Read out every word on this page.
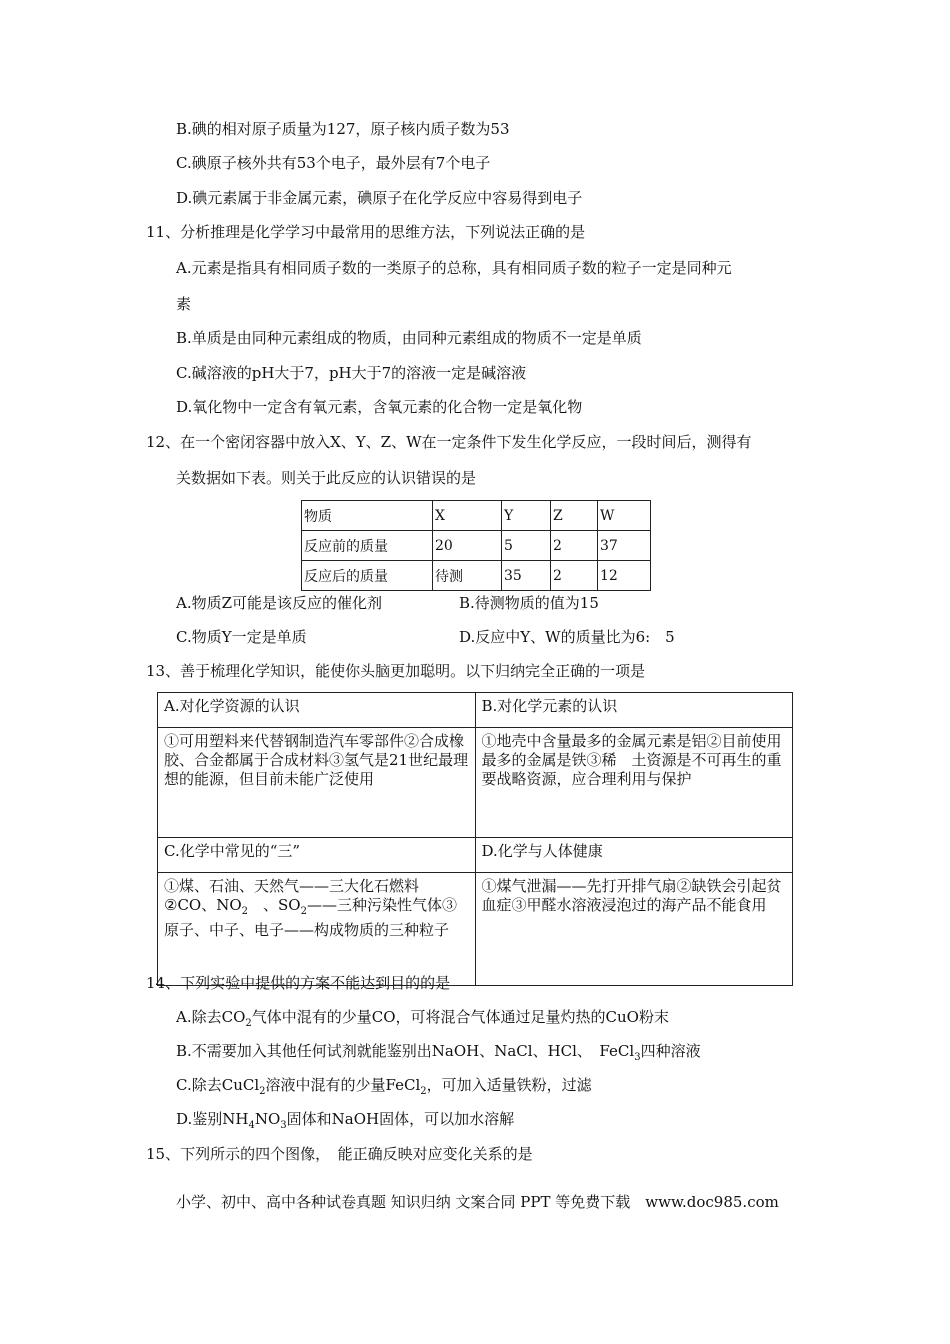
B.碘的相对原子质量为127，原子核内质子数为53
C.碘原子核外共有53个电子，最外层有7个电子
D.碘元素属于非金属元素，碘原子在化学反应中容易得到电子
11、分析推理是化学学习中最常用的思维方法，下列说法正确的是
A.元素是指具有相同质子数的一类原子的总称，具有相同质子数的粒子一定是同种元
素
B.单质是由同种元素组成的物质，由同种元素组成的物质不一定是单质
C.碱溶液的pH大于7，pH大于7的溶液一定是碱溶液
D.氧化物中一定含有氧元素，含氧元素的化合物一定是氧化物
12、在一个密闭容器中放入X、Y、Z、W在一定条件下发生化学反应，一段时间后，测得有
关数据如下表。则关于此反应的认识错误的是
物质	X	Y	Z	W
反应前的质量	20	5	2	37
反应后的质量	待测	35	2	12
A.物质Z可能是该反应的催化剂	B.待测物质的值为15
C.物质Y一定是单质	D.反应中Y、W的质量比为6:　5
13、善于梳理化学知识，能使你头脑更加聪明。以下归纳完全正确的一项是
A.对化学资源的认识	B.对化学元素的认识
①可用塑料来代替钢制造汽车零部件②合成橡胶、合金都属于合成材料③氢气是21世纪最理想的能源，但目前未能广泛使用	①地壳中含量最多的金属元素是铝②目前使用最多的金属是铁③稀　土资源是不可再生的重要战略资源，应合理利用与保护
C.化学中常见的“三”	D.化学与人体健康
①煤、石油、天然气——三大化石燃料
②CO、$NO_2$　、$SO_2——$三种污染性气体③原子、中子、电子——构成物质的三种粒子	①煤气泄漏——先打开排气扇②缺铁会引起贫血症③甲醛水溶液浸泡过的海产品不能食用
14、下列实验中提供的方案不能达到目的的是
A.除去$CO_2$气体中混有的少量CO，可将混合气体通过足量灼热的CuO粉末
B.不需要加入其他任何试剂就能鉴别出NaOH、NaCl、HCl、　FeCl$_3$四种溶液
C.除去CuCl$_2$溶液中混有的少量FeCl$_2$，可加入适量铁粉，过滤
D.鉴别$NH_4NO_3$固体和NaOH固体，可以加水溶解
15、下列所示的四个图像，　能正确反映对应变化关系的是
小学、初中、高中各种试卷真题 知识归纳 文案合同 PPT 等免费下载　www.doc985.com
